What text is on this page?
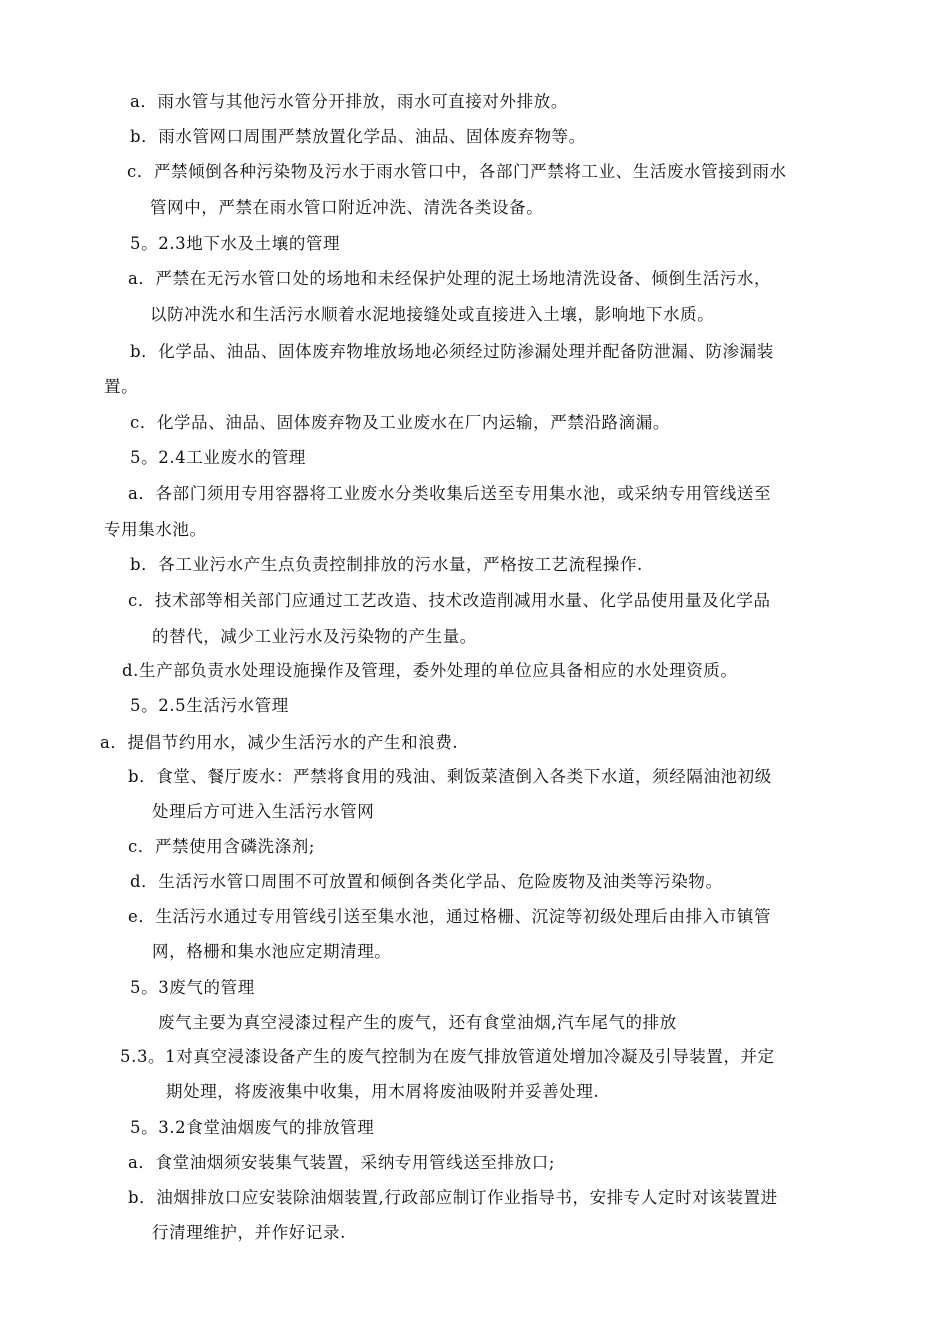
a．雨水管与其他污水管分开排放，雨水可直接对外排放。
b．雨水管网口周围严禁放置化学品、油品、固体废弃物等。
c．严禁倾倒各种污染物及污水于雨水管口中，各部门严禁将工业、生活废水管接到雨水
管网中，严禁在雨水管口附近冲洗、清洗各类设备。
5。2.3地下水及土壤的管理
a．严禁在无污水管口处的场地和未经保护处理的泥土场地清洗设备、倾倒生活污水，
以防冲洗水和生活污水顺着水泥地接缝处或直接进入土壤，影响地下水质。
b．化学品、油品、固体废弃物堆放场地必须经过防渗漏处理并配备防泄漏、防渗漏装
置。
c．化学品、油品、固体废弃物及工业废水在厂内运输，严禁沿路滴漏。
5。2.4工业废水的管理
a．各部门须用专用容器将工业废水分类收集后送至专用集水池，或采纳专用管线送至
专用集水池。
b．各工业污水产生点负责控制排放的污水量，严格按工艺流程操作.
c．技术部等相关部门应通过工艺改造、技术改造削减用水量、化学品使用量及化学品
的替代，减少工业污水及污染物的产生量。
d.生产部负责水处理设施操作及管理，委外处理的单位应具备相应的水处理资质。
5。2.5生活污水管理
a．提倡节约用水，减少生活污水的产生和浪费.
b．食堂、餐厅废水：严禁将食用的残油、剩饭菜渣倒入各类下水道，须经隔油池初级
处理后方可进入生活污水管网
c．严禁使用含磷洗涤剂;
d．生活污水管口周围不可放置和倾倒各类化学品、危险废物及油类等污染物。
e．生活污水通过专用管线引送至集水池，通过格栅、沉淀等初级处理后由排入市镇管
网，格栅和集水池应定期清理。
5。3废气的管理
废气主要为真空浸漆过程产生的废气，还有食堂油烟,汽车尾气的排放
5.3。1对真空浸漆设备产生的废气控制为在废气排放管道处增加冷凝及引导装置，并定
期处理，将废液集中收集，用木屑将废油吸附并妥善处理.
5。3.2食堂油烟废气的排放管理
a．食堂油烟须安装集气装置，采纳专用管线送至排放口;
b．油烟排放口应安装除油烟装置,行政部应制订作业指导书，安排专人定时对该装置进
行清理维护，并作好记录.
